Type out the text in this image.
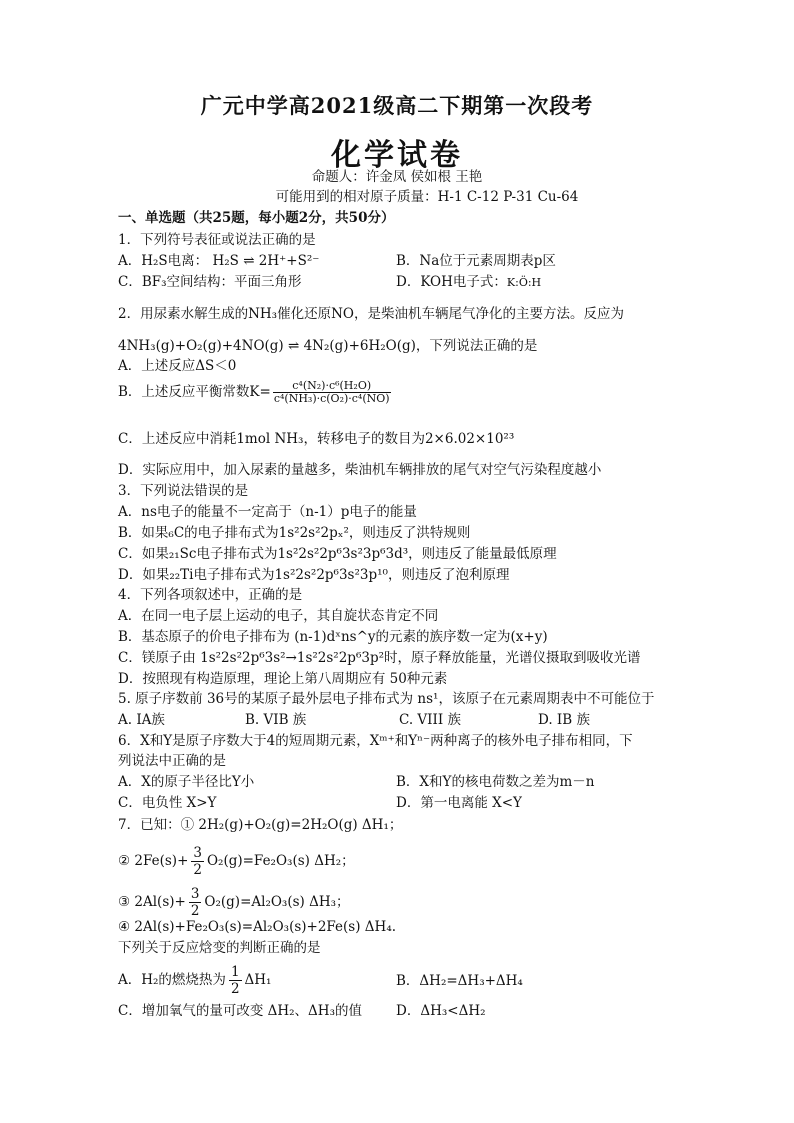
广元中学高2021级高二下期第一次段考
化学试卷
命题人：许金凤 侯如根 王艳
可能用到的相对原子质量：H-1 C-12 P-31 Cu-64
一、单选题（共25题，每小题2分，共50分）
1．下列符号表征或说法正确的是
A．H₂S电离： H₂S ⇌ 2H⁺+S²⁻	B．Na位于元素周期表p区
C．BF₃空间结构：平面三角形	D．KOH电子式：K:Ö:H
2．用尿素水解生成的NH₃催化还原NO，是柴油机车辆尾气净化的主要方法。反应为
4NH₃(g)+O₂(g)+4NO(g) ⇌ 4N₂(g)+6H₂O(g)，下列说法正确的是
A．上述反应ΔS＜0
B．上述反应平衡常数$K= \frac{\text{c⁴(N₂)·c⁶(H₂O)}}{\text{c⁴(NH₃)·c(O₂)·c⁴(NO)}}$
C．上述反应中消耗1mol NH₃，转移电子的数目为2×6.02×10²³
D．实际应用中，加入尿素的量越多，柴油机车辆排放的尾气对空气污染程度越小
3．下列说法错误的是
A．ns电子的能量不一定高于（n-1）p电子的能量
B．如果₆C的电子排布式为1s²2s²2pₓ²，则违反了洪特规则
C．如果₂₁Sc电子排布式为1s²2s²2p⁶3s²3p⁶3d³，则违反了能量最低原理
D．如果₂₂Ti电子排布式为1s²2s²2p⁶3s²3p¹⁰，则违反了泡利原理
4．下列各项叙述中，正确的是
A．在同一电子层上运动的电子，其自旋状态肯定不同
B．基态原子的价电子排布为 (n-1)dˣns^y的元素的族序数一定为(x+y)
C．镁原子由 1s²2s²2p⁶3s²→1s²2s²2p⁶3p²时，原子释放能量，光谱仪摄取到吸收光谱
D．按照现有构造原理，理论上第八周期应有 50种元素
5. 原子序数前 36号的某原子最外层电子排布式为 ns¹，该原子在元素周期表中不可能位于
A. IA族	B. VIB 族	C. VIII 族	D. IB 族
6．X和Y是原子序数大于4的短周期元素，Xᵐ⁺和Yⁿ⁻两种离子的核外电子排布相同，下
列说法中正确的是
A．X的原子半径比Y小	B．X和Y的核电荷数之差为m－n
C．电负性 X>Y	D．第一电离能 X<Y
7．已知：① 2H₂(g)+O₂(g)=2H₂O(g) ΔH₁；
② $2Fe(s)+ \frac{3}{2} O_2(g)=Fe_2O_3(s)$ ΔH₂；
③ $2Al(s)+ \frac{3}{2} O_2(g)=Al_2O_3(s)$ ΔH₃；
④ 2Al(s)+Fe₂O₃(s)=Al₂O₃(s)+2Fe(s) ΔH₄.
下列关于反应焓变的判断正确的是
A．H₂的燃烧热为 $\frac{1}{2} \Delta H_1$	B．ΔH₂=ΔH₃+ΔH₄
C．增加氧气的量可改变 ΔH₂、ΔH₃的值	D．ΔH₃<ΔH₂
